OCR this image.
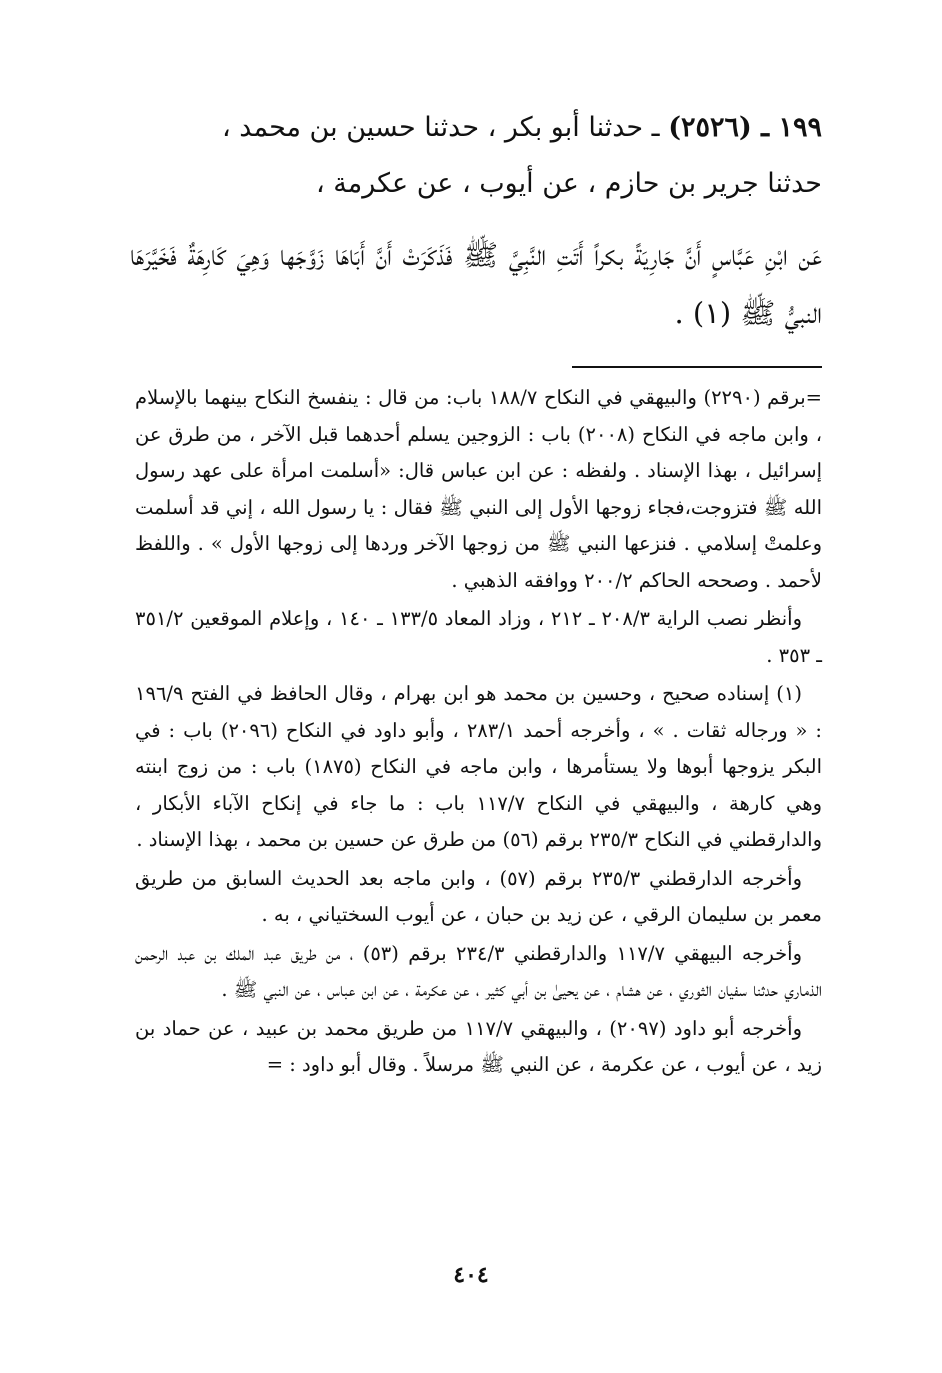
١٩٩ ـ (٢٥٢٦) ـ حدثنا أبو بكر ، حدثنا حسين بن محمد ،
حدثنا جرير بن حازم ، عن أيوب ، عن عكرمة ،

عَن ابْنِ عَبَّاسٍ أَنَّ جَارِيَةً بكراً أَتَتِ النَّبِيَّ ﷺ فَذَكَرَتْ أَنَّ أَبَاهَا زَوَّجَها وَهِيَ كَارِهَةٌ فَخَيَّرَهَا النبيُّ ﷺ (١) .

=برقم (٢٢٩٠) والبيهقي في النكاح ١٨٨/٧ باب: من قال : ينفسخ النكاح بينهما بالإسلام ، وابن ماجه في النكاح (٢٠٠٨) باب : الزوجين يسلم أحدهما قبل الآخر ، من طرق عن إسرائيل ، بهذا الإسناد . ولفظه : عن ابن عباس قال: «أسلمت امرأة على عهد رسول الله ﷺ فتزوجت،فجاء زوجها الأول إلى النبي ﷺ فقال : يا رسول الله ، إني قد أسلمت وعلمتْ إسلامي . فنزعها النبي ﷺ من زوجها الآخر وردها إلى زوجها الأول » . واللفظ لأحمد . وصححه الحاكم ٢٠٠/٢ ووافقه الذهبي .

وأنظر نصب الراية ٢٠٨/٣ ـ ٢١٢ ، وزاد المعاد ١٣٣/٥ ـ ١٤٠ ، وإعلام الموقعين ٣٥١/٢ ـ ٣٥٣ .

(١) إسناده صحيح ، وحسين بن محمد هو ابن بهرام ، وقال الحافظ في الفتح ١٩٦/٩ : « ورجاله ثقات . » ، وأخرجه أحمد ٢٨٣/١ ، وأبو داود في النكاح (٢٠٩٦) باب : في البكر يزوجها أبوها ولا يستأمرها ، وابن ماجه في النكاح (١٨٧٥) باب : من زوج ابنته وهي كارهة ، والبيهقي في النكاح ١١٧/٧ باب : ما جاء في إنكاح الآباء الأبكار ، والدارقطني في النكاح ٢٣٥/٣ برقم (٥٦) من طرق عن حسين بن محمد ، بهذا الإسناد .

وأخرجه الدارقطني ٢٣٥/٣ برقم (٥٧) ، وابن ماجه بعد الحديث السابق من طريق معمر بن سليمان الرقي ، عن زيد بن حبان ، عن أيوب السختياني ، به .

وأخرجه البيهقي ١١٧/٧ والدارقطني ٢٣٤/٣ برقم (٥٣) ، من طريق عبد الملك بن عبد الرحمن الذماري حدثنا سفيان الثوري ، عن هشام ، عن يحيىٰ بن أبي كثير ، عن عكرمة ، عن ابن عباس ، عن النبي ﷺ .

وأخرجه أبو داود (٢٠٩٧) ، والبيهقي ١١٧/٧ من طريق محمد بن عبيد ، عن حماد بن زيد ، عن أيوب ، عن عكرمة ، عن النبي ﷺ مرسلاً . وقال أبو داود : =

٤٠٤
